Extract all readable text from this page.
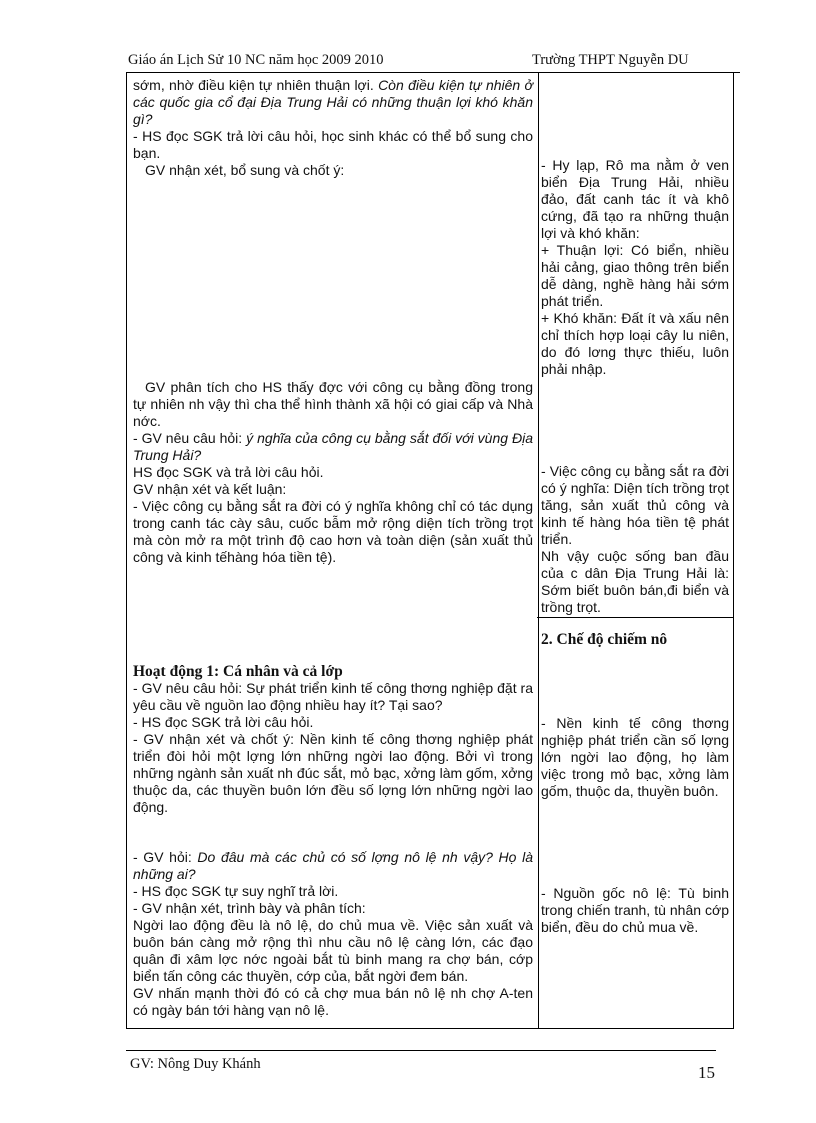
Giáo án Lịch Sử 10 NC năm học 2009 2010	Trường THPT Nguyễn DU

sớm, nhờ điều kiện tự nhiên thuận lợi. Còn điều kiện tự nhiên ở các quốc gia cổ đại Địa Trung Hải có những thuận lợi khó khăn gì?

- HS đọc SGK trả lời câu hỏi, học sinh khác có thể bổ sung cho bạn.

GV nhận xét, bổ sung và chốt ý:

GV phân tích cho HS thấy đợc với công cụ bằng đồng trong tự nhiên nh vậy thì cha thể hình thành xã hội có giai cấp và Nhà nớc.

- GV nêu câu hỏi: ý nghĩa của công cụ bằng sắt đối với vùng Địa Trung Hải?

HS đọc SGK và trả lời câu hỏi.

GV nhận xét và kết luận:

- Việc công cụ bằng sắt ra đời có ý nghĩa không chỉ có tác dụng trong canh tác cày sâu, cuốc bẫm mở rộng diện tích trồng trọt mà còn mở ra một trình độ cao hơn và toàn diện (sản xuất thủ công và kinh tếhàng hóa tiền tệ).

Hoạt động 1: Cá nhân và cả lớp

- GV nêu câu hỏi: Sự phát triển kinh tế công thơng nghiệp đặt ra yêu cầu về nguồn lao động nhiều hay ít? Tại sao?

- HS đọc SGK trả lời câu hỏi.

- GV nhận xét và chốt ý: Nền kinh tế công thơng nghiệp phát triển đòi hỏi một lợng lớn những ngời lao động. Bởi vì trong những ngành sản xuất nh đúc sắt, mỏ bạc, xởng làm gốm, xởng thuộc da, các thuyền buôn lớn đều số lợng lớn những ngời lao động.

- GV hỏi: Do đâu mà các chủ có số lợng nô lệ nh vậy? Họ là những ai?

- HS đọc SGK tự suy nghĩ trả lời.

- GV nhận xét, trình bày và phân tích:

Ngời lao động đều là nô lệ, do chủ mua về. Việc sản xuất và buôn bán càng mở rộng thì nhu cầu nô lệ càng lớn, các đạo quân đi xâm lợc nớc ngoài bắt tù binh mang ra chợ bán, cớp biển tấn công các thuyền, cớp của, bắt ngời đem bán.

GV nhấn mạnh thời đó có cả chợ mua bán nô lệ nh chợ A-ten có ngày bán tới hàng vạn nô lệ.

- Hy lạp, Rô ma nằm ở ven biển Địa Trung Hải, nhiều đảo, đất canh tác ít và khô cứng, đã tạo ra những thuận lợi và khó khăn:

+ Thuận lợi: Có biển, nhiều hải cảng, giao thông trên biển dễ dàng, nghề hàng hải sớm phát triển.

+ Khó khăn: Đất ít và xấu nên chỉ thích hợp loại cây lu niên, do đó lơng thực thiếu, luôn phải nhập.

- Việc công cụ bằng sắt ra đời có ý nghĩa: Diện tích trồng trọt tăng, sản xuất thủ công và kinh tế hàng hóa tiền tệ phát triển.

Nh vậy cuộc sống ban đầu của c dân Địa Trung Hải là: Sớm biết buôn bán,đi biển và trồng trọt.

2. Chế độ chiếm nô

- Nền kinh tế công thơng nghiệp phát triển cần số lợng lớn ngời lao động, họ làm việc trong mỏ bạc, xởng làm gốm, thuộc da, thuyền buôn.

- Nguồn gốc nô lệ: Tù binh trong chiến tranh, tù nhân cớp biển, đều do chủ mua về.

GV: Nông Duy Khánh	15
